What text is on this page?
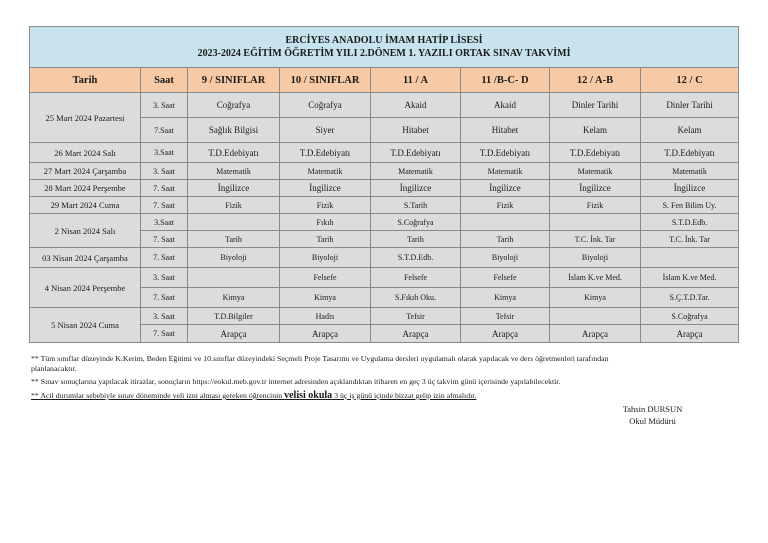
ERCİYES ANADOLU İMAM HATİP LİSESİ
2023-2024 EĞİTİM ÖĞRETİM YILI 2.DÖNEM 1. YAZILI ORTAK SINAV TAKVİMİ							

Tarih	Saat	9 / SINIFLAR	10 / SINIFLAR	11 / A	11 /B-C- D	12 / A-B	12 / C
25 Mart 2024 Pazartesi	3. Saat	Coğrafya	Coğrafya	Akaid	Akaid	Dinler Tarihi	Dinler Tarihi
	7.Saat	Sağlık Bilgisi	Siyer	Hitabet	Hitabet	Kelam	Kelam
26 Mart 2024 Salı	3.Saat	T.D.Edebiyatı	T.D.Edebiyatı	T.D.Edebiyatı	T.D.Edebiyatı	T.D.Edebiyatı	T.D.Edebiyatı
27 Mart 2024 Çarşamba	3. Saat	Matematik	Matematik	Matematik	Matematik	Matematik	Matematik
28 Mart 2024 Perşembe	7. Saat	İngilizce	İngilizce	İngilizce	İngilizce	İngilizce	İngilizce
29 Mart 2024 Cuma	7. Saat	Fizik	Fizik	S.Tarih	Fizik	Fizik	S. Fen Bilim Uy.
2 Nisan 2024 Salı	3.Saat		Fıkıh	S.Coğrafya			S.T.D.Edb.
	7. Saat	Tarih	Tarih	Tarih	Tarih	T.C. İnk. Tar	T.C. İnk. Tar
03 Nisan 2024 Çarşamba	7. Saat	Biyoloji	Biyoloji	S.T.D.Edb.	Biyoloji	Biyoloji	
4 Nisan 2024 Perşembe	3. Saat		Felsefe	Felsefe	Felsefe	İslam K.ve Med.	İslam K.ve Med.
	7. Saat	Kimya	Kimya	S.Fıkıh Oku.	Kimya	Kimya	S.Ç.T.D.Tar.
5 Nisan 2024 Cuma	3. Saat	T.D.Bilgiler	Hadis	Tefsir	Tefsir		S.Coğrafya
	7. Saat	Arapça	Arapça	Arapça	Arapça	Arapça	Arapça
** Tüm sınıflar düzeyinde K.Kerim, Beden Eğitimi ve 10.sınıflar düzeyindeki Seçmeli Proje Tasarımı ve Uygulama dersleri uygulamalı olarak yapılacak ve ders öğretmenleri tarafından
planlanacaktır.
** Sınav sonuçlarına yapılacak itirazlar, sonuçların https://eokul.meb.gov.tr internet adresinden açıklandıktan itibaren en geç 3 üç takvim günü içerisinde yapılabilecektir.
** Acil durumlar sebebiyle sınav döneminde veli izni alması gereken öğrencinin velisi okula 3 üç iş günü içinde bizzat gelip izin almalıdır.
Tahsin DURSUN
Okul Müdürü
